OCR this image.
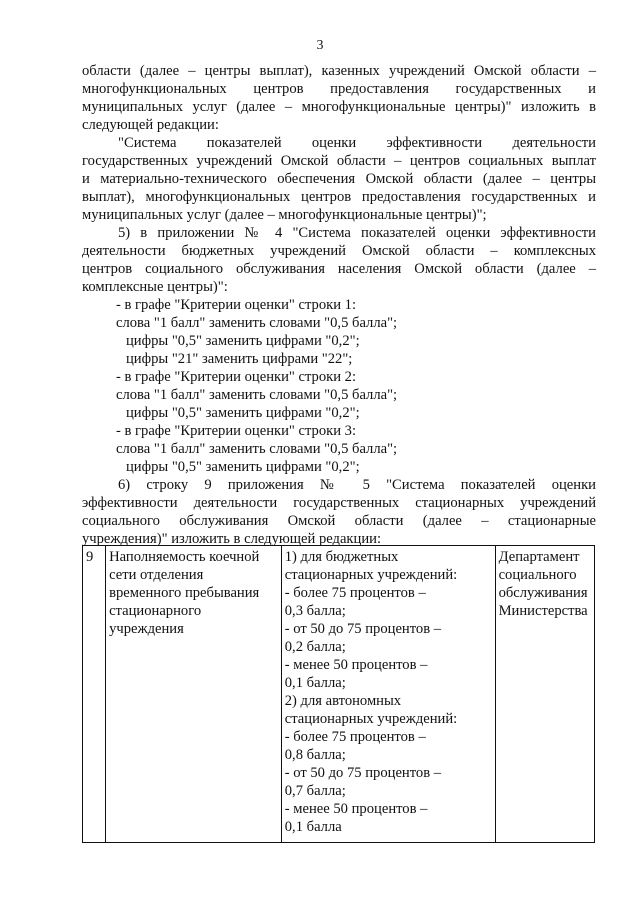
3
области (далее – центры выплат), казенных учреждений Омской области –
многофункциональных центров предоставления государственных и
муниципальных услуг (далее – многофункциональные центры)" изложить в
следующей редакции:
"Система показателей оценки эффективности деятельности
государственных учреждений Омской области – центров социальных выплат
и материально-технического обеспечения Омской области (далее – центры
выплат), многофункциональных центров предоставления государственных и
муниципальных услуг (далее – многофункциональные центры)";
5) в приложении № 4 "Система показателей оценки эффективности
деятельности бюджетных учреждений Омской области – комплексных
центров социального обслуживания населения Омской области (далее –
комплексные центры)":
- в графе "Критерии оценки" строки 1:
слова "1 балл" заменить словами "0,5 балла";
цифры "0,5" заменить цифрами "0,2";
цифры "21" заменить цифрами "22";
- в графе "Критерии оценки" строки 2:
слова "1 балл" заменить словами "0,5 балла";
цифры "0,5" заменить цифрами "0,2";
- в графе "Критерии оценки" строки 3:
слова "1 балл" заменить словами "0,5 балла";
цифры "0,5" заменить цифрами "0,2";
6) строку 9 приложения № 5 "Система показателей оценки
эффективности деятельности государственных стационарных учреждений
социального обслуживания Омской области (далее – стационарные
учреждения)" изложить в следующей редакции:
9	Наполняемость коечной
сети отделения
временного пребывания
стационарного
учреждения

1) для бюджетных
стационарных учреждений:
- более 75 процентов –
0,3 балла;
- от 50 до 75 процентов –
0,2 балла;
- менее 50 процентов –
0,1 балла;
2) для автономных
стационарных учреждений:
- более 75 процентов –
0,8 балла;
- от 50 до 75 процентов –
0,7 балла;
- менее 50 процентов –
0,1 балла

Департамент
социального
обслуживания
Министерства
